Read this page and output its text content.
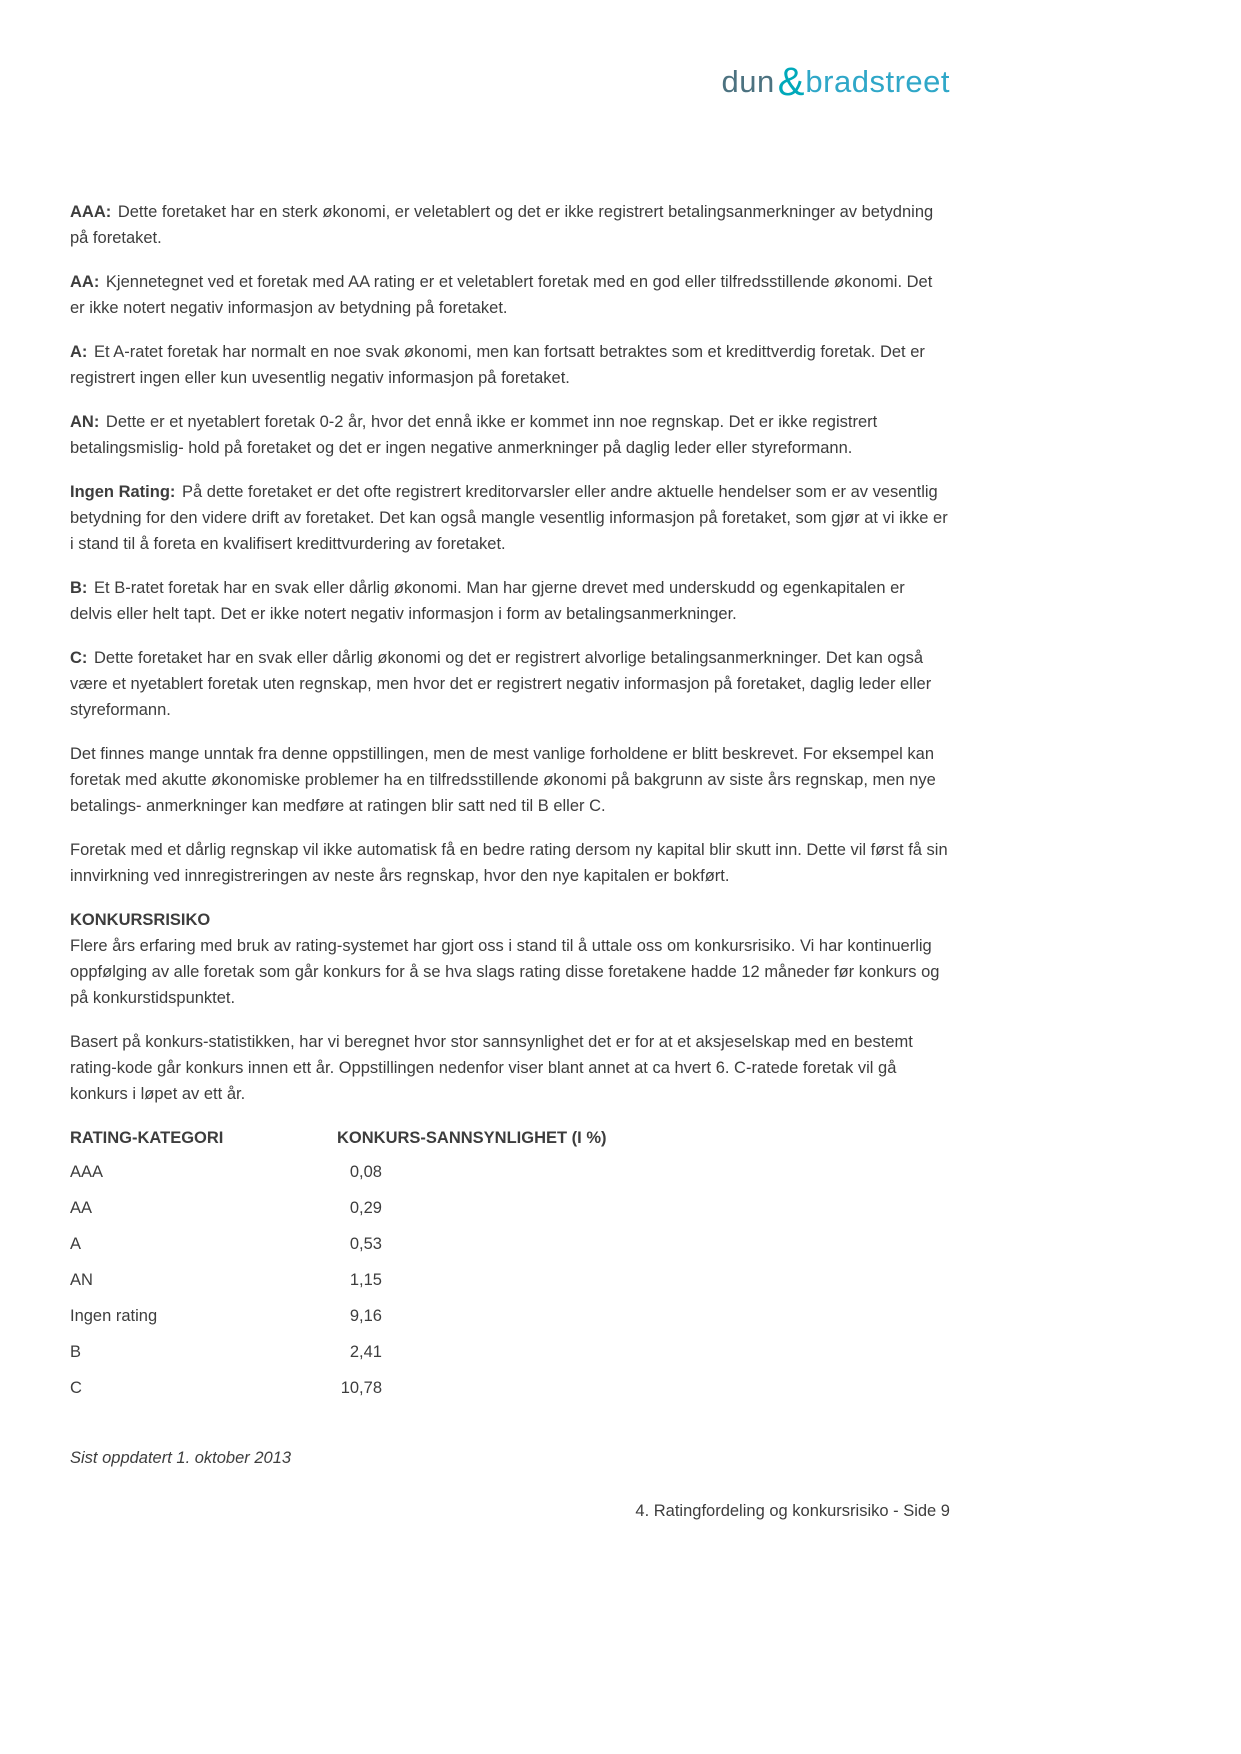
dun & bradstreet

AAA: Dette foretaket har en sterk økonomi, er veletablert og det er ikke registrert betalingsanmerkninger av betydning på foretaket.

AA: Kjennetegnet ved et foretak med AA rating er et veletablert foretak med en god eller tilfredsstillende økonomi. Det er ikke notert negativ informasjon av betydning på foretaket.

A: Et A-ratet foretak har normalt en noe svak økonomi, men kan fortsatt betraktes som et kredittverdig foretak. Det er registrert ingen eller kun uvesentlig negativ informasjon på foretaket.

AN: Dette er et nyetablert foretak 0-2 år, hvor det ennå ikke er kommet inn noe regnskap. Det er ikke registrert betalingsmislig- hold på foretaket og det er ingen negative anmerkninger på daglig leder eller styreformann.

Ingen Rating: På dette foretaket er det ofte registrert kreditorvarsler eller andre aktuelle hendelser som er av vesentlig betydning for den videre drift av foretaket. Det kan også mangle vesentlig informasjon på foretaket, som gjør at vi ikke er i stand til å foreta en kvalifisert kredittvurdering av foretaket.

B: Et B-ratet foretak har en svak eller dårlig økonomi. Man har gjerne drevet med underskudd og egenkapitalen er delvis eller helt tapt. Det er ikke notert negativ informasjon i form av betalingsanmerkninger.

C: Dette foretaket har en svak eller dårlig økonomi og det er registrert alvorlige betalingsanmerkninger. Det kan også være et nyetablert foretak uten regnskap, men hvor det er registrert negativ informasjon på foretaket, daglig leder eller styreformann.

Det finnes mange unntak fra denne oppstillingen, men de mest vanlige forholdene er blitt beskrevet. For eksempel kan foretak med akutte økonomiske problemer ha en tilfredsstillende økonomi på bakgrunn av siste års regnskap, men nye betalings- anmerkninger kan medføre at ratingen blir satt ned til B eller C.

Foretak med et dårlig regnskap vil ikke automatisk få en bedre rating dersom ny kapital blir skutt inn. Dette vil først få sin innvirkning ved innregistreringen av neste års regnskap, hvor den nye kapitalen er bokført.

KONKURSRISIKO

Flere års erfaring med bruk av rating-systemet har gjort oss i stand til å uttale oss om konkursrisiko. Vi har kontinuerlig oppfølging av alle foretak som går konkurs for å se hva slags rating disse foretakene hadde 12 måneder før konkurs og på konkurstidspunktet.

Basert på konkurs-statistikken, har vi beregnet hvor stor sannsynlighet det er for at et aksjeselskap med en bestemt rating-kode går konkurs innen ett år. Oppstillingen nedenfor viser blant annet at ca hvert 6. C-ratede foretak vil gå konkurs i løpet av ett år.

RATING-KATEGORI	KONKURS-SANNSYNLIGHET (I %)
AAA	0,08
AA	0,29
A	0,53
AN	1,15
Ingen rating	9,16
B	2,41
C	10,78

Sist oppdatert 1. oktober 2013

4. Ratingfordeling og konkursrisiko - Side 9
